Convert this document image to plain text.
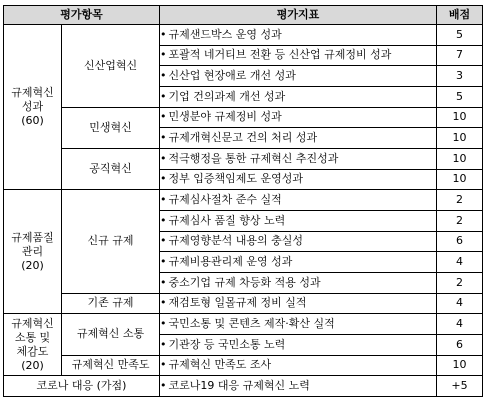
평가항목		평가지표	배점

규제혁신
성과
(60)	신산업혁신	• 규제샌드박스 운영 성과	5
		• 포괄적 네거티브 전환 등 신산업 규제정비 성과	7
		• 신산업 현장애로 개선 성과	3
		• 기업 건의과제 개선 성과	5
	민생혁신	• 민생분야 규제정비 성과	10
		• 규제개혁신문고 건의 처리 성과	10
	공직혁신	• 적극행정을 통한 규제혁신 추진성과	10
		• 정부 입증책임제도 운영성과	10

규제품질
관리
(20)	신규 규제	• 규제심사절차 준수 실적	2
		• 규제심사 품질 향상 노력	2
		• 규제영향분석 내용의 충실성	6
		• 규제비용관리제 운영 성과	4
		• 중소기업 규제 차등화 적용 성과	2
	기존 규제	• 재검토형 일몰규제 정비 실적	4

규제혁신
소통 및
체감도
(20)	규제혁신 소통	• 국민소통 및 콘텐츠 제작·확산 실적	4
		• 기관장 등 국민소통 노력	6
	규제혁신 만족도	• 규제혁신 만족도 조사	10
코로나 대응 (가점)		• 코로나19 대응 규제혁신 노력	+5
